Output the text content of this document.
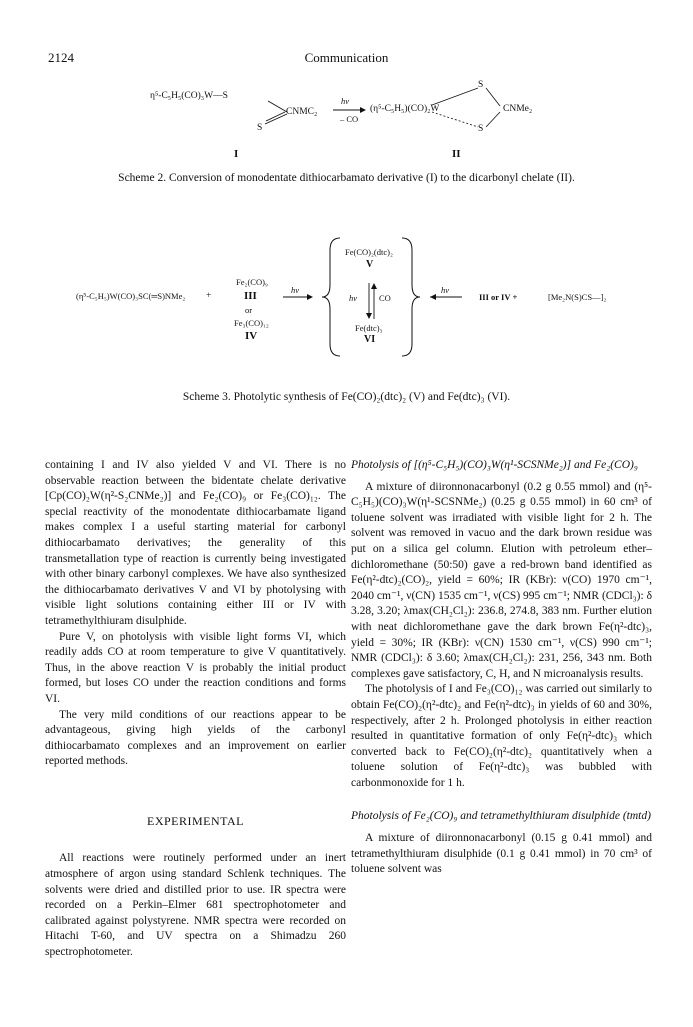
2124	Communication
η⁵-C₅H₅(CO)₃W—S
S
CNMC₂
hν
– CO
(η⁵-C₅H₅)(CO)₂W
S
S
CNMe₂
I	II
Scheme 2. Conversion of monodentate dithiocarbamato derivative (I) to the dicarbonyl chelate (II).
(η⁵-C₅H₅)W(CO)₃SC(═S)NMe₂ +
Fe₂(CO)₉
III
or
Fe₃(CO)₁₂
IV
hν
Fe(CO)₂(dtc)₂
V
hν	CO
Fe(dtc)₃
VI
hν
III or IV +	[Me₂N(S)CS—]₂
Scheme 3. Photolytic synthesis of Fe(CO)₂(dtc)₂ (V) and Fe(dtc)₃ (VI).

containing I and IV also yielded V and VI. There is no observable reaction between the bidentate chelate derivative [Cp(CO)₂W(η²-S₂CNMe₂)] and Fe₂(CO)₉ or Fe₃(CO)₁₂. The special reactivity of the monodentate dithiocarbamate ligand makes complex I a useful starting material for carbonyl dithiocarbamato derivatives; the generality of this transmetallation type of reaction is currently being investigated with other binary carbonyl complexes. We have also synthesized the dithiocarbamato derivatives V and VI by photolysing with visible light solutions containing either III or IV with tetramethylthiuram disulphide.

Pure V, on photolysis with visible light forms VI, which readily adds CO at room temperature to give V quantitatively. Thus, in the above reaction V is probably the initial product formed, but loses CO under the reaction conditions and forms VI.

The very mild conditions of our reactions appear to be advantageous, giving high yields of the carbonyl dithiocarbamato complexes and an improvement on earlier reported methods.

EXPERIMENTAL

All reactions were routinely performed under an inert atmosphere of argon using standard Schlenk techniques. The solvents were dried and distilled prior to use. IR spectra were recorded on a Perkin–Elmer 681 spectrophotometer and calibrated against polystyrene. NMR spectra were recorded on Hitachi T-60, and UV spectra on a Shimadzu 260 spectrophotometer.

Photolysis of [(η⁵-C₅H₅)(CO)₃W(η¹-SCSNMe₂)] and Fe₂(CO)₉

A mixture of diironnonacarbonyl (0.2 g 0.55 mmol) and (η⁵-C₅H₅)(CO)₃W(η¹-SCSNMe₂) (0.25 g 0.55 mmol) in 60 cm³ of toluene solvent was irradiated with visible light for 2 h. The solvent was removed in vacuo and the dark brown residue was put on a silica gel column. Elution with petroleum ether–dichloromethane (50:50) gave a red-brown band identified as Fe(η²-dtc)₂(CO)₂, yield = 60%; IR (KBr): ν(CO) 1970 cm⁻¹, 2040 cm⁻¹, ν(CN) 1535 cm⁻¹, ν(CS) 995 cm⁻¹; NMR (CDCl₃): δ 3.28, 3.20; λmax(CH₂Cl₂): 236.8, 274.8, 383 nm. Further elution with neat dichloromethane gave the dark brown Fe(η²-dtc)₃, yield = 30%; IR (KBr): ν(CN) 1530 cm⁻¹, ν(CS) 990 cm⁻¹; NMR (CDCl₃): δ 3.60; λmax(CH₂Cl₂): 231, 256, 343 nm. Both complexes gave satisfactory, C, H, and N microanalysis results.

The photolysis of I and Fe₃(CO)₁₂ was carried out similarly to obtain Fe(CO)₂(η²-dtc)₂ and Fe(η²-dtc)₃ in yields of 60 and 30%, respectively, after 2 h. Prolonged photolysis in either reaction resulted in quantitative formation of only Fe(η²-dtc)₃ which converted back to Fe(CO)₂(η²-dtc)₂ quantitatively when a toluene solution of Fe(η²-dtc)₃ was bubbled with carbonmonoxide for 1 h.

Photolysis of Fe₂(CO)₉ and tetramethylthiuram disulphide (tmtd)

A mixture of diironnonacarbonyl (0.15 g 0.41 mmol) and tetramethylthiuram disulphide (0.1 g 0.41 mmol) in 70 cm³ of toluene solvent was
